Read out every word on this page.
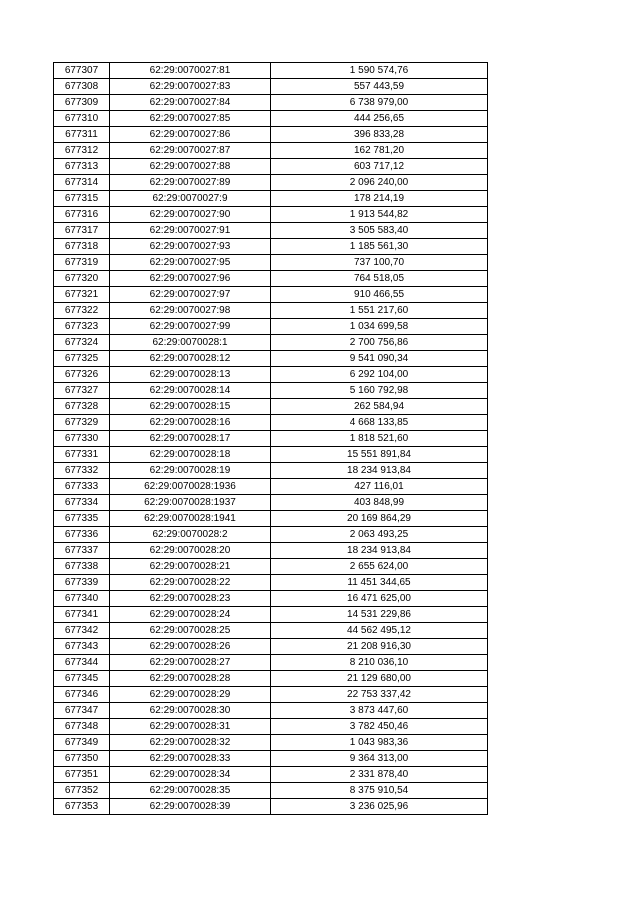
677307	62:29:0070027:81	1 590 574,76
677308	62:29:0070027:83	557 443,59
677309	62:29:0070027:84	6 738 979,00
677310	62:29:0070027:85	444 256,65
677311	62:29:0070027:86	396 833,28
677312	62:29:0070027:87	162 781,20
677313	62:29:0070027:88	603 717,12
677314	62:29:0070027:89	2 096 240,00
677315	62:29:0070027:9	178 214,19
677316	62:29:0070027:90	1 913 544,82
677317	62:29:0070027:91	3 505 583,40
677318	62:29:0070027:93	1 185 561,30
677319	62:29:0070027:95	737 100,70
677320	62:29:0070027:96	764 518,05
677321	62:29:0070027:97	910 466,55
677322	62:29:0070027:98	1 551 217,60
677323	62:29:0070027:99	1 034 699,58
677324	62:29:0070028:1	2 700 756,86
677325	62:29:0070028:12	9 541 090,34
677326	62:29:0070028:13	6 292 104,00
677327	62:29:0070028:14	5 160 792,98
677328	62:29:0070028:15	262 584,94
677329	62:29:0070028:16	4 668 133,85
677330	62:29:0070028:17	1 818 521,60
677331	62:29:0070028:18	15 551 891,84
677332	62:29:0070028:19	18 234 913,84
677333	62:29:0070028:1936	427 116,01
677334	62:29:0070028:1937	403 848,99
677335	62:29:0070028:1941	20 169 864,29
677336	62:29:0070028:2	2 063 493,25
677337	62:29:0070028:20	18 234 913,84
677338	62:29:0070028:21	2 655 624,00
677339	62:29:0070028:22	11 451 344,65
677340	62:29:0070028:23	16 471 625,00
677341	62:29:0070028:24	14 531 229,86
677342	62:29:0070028:25	44 562 495,12
677343	62:29:0070028:26	21 208 916,30
677344	62:29:0070028:27	8 210 036,10
677345	62:29:0070028:28	21 129 680,00
677346	62:29:0070028:29	22 753 337,42
677347	62:29:0070028:30	3 873 447,60
677348	62:29:0070028:31	3 782 450,46
677349	62:29:0070028:32	1 043 983,36
677350	62:29:0070028:33	9 364 313,00
677351	62:29:0070028:34	2 331 878,40
677352	62:29:0070028:35	8 375 910,54
677353	62:29:0070028:39	3 236 025,96
